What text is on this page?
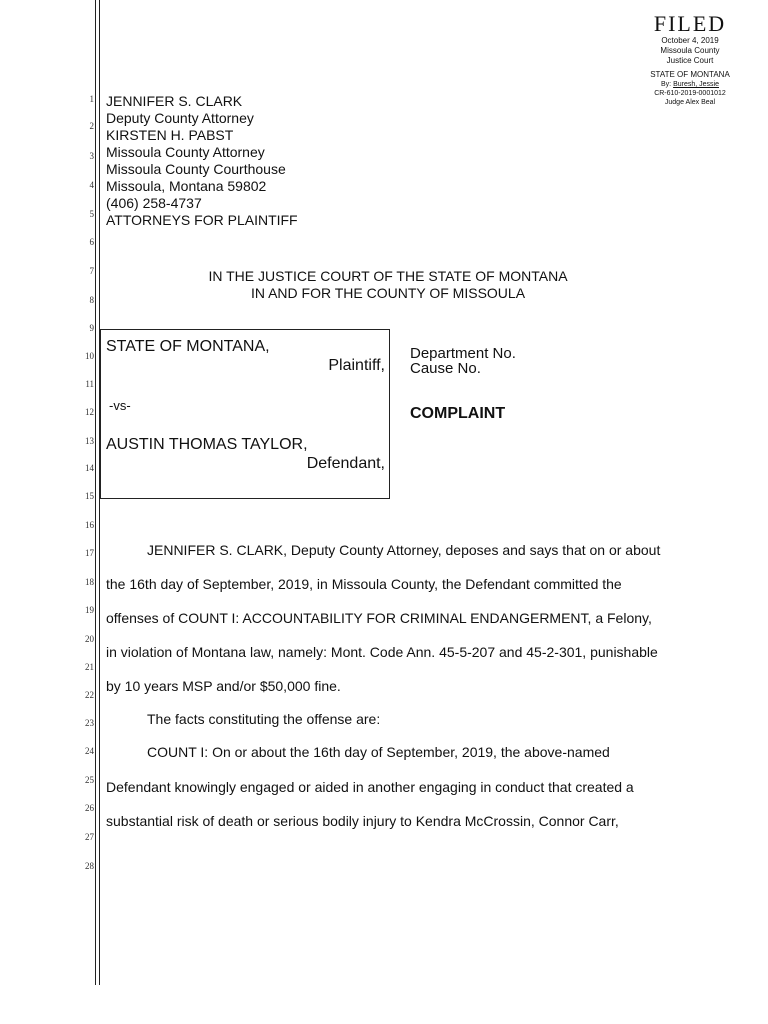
1
2
3
4
5
6
7
8
9
10
11
12
13
14
15
16
17
18
19
20
21
22
23
24
25
26
27
28
FILED
October 4, 2019
Missoula County
Justice Court
STATE OF MONTANA
By: Buresh, Jessie
CR-610-2019-0001012
Judge Alex Beal
JENNIFER S. CLARK
Deputy County Attorney
KIRSTEN H. PABST
Missoula County Attorney
Missoula County Courthouse
Missoula, Montana 59802
(406) 258-4737
ATTORNEYS FOR PLAINTIFF
IN THE JUSTICE COURT OF THE STATE OF MONTANA
IN AND FOR THE COUNTY OF MISSOULA
STATE OF MONTANA,
Plaintiff,
-vs-
AUSTIN THOMAS TAYLOR,
Defendant,
Department No.
Cause No.
COMPLAINT
JENNIFER S. CLARK, Deputy County Attorney, deposes and says that on or about
the 16th day of September, 2019, in Missoula County, the Defendant committed the
offenses of COUNT I: ACCOUNTABILITY FOR CRIMINAL ENDANGERMENT, a Felony,
in violation of Montana law, namely: Mont. Code Ann. 45-5-207 and 45-2-301, punishable
by 10 years MSP and/or $50,000 fine.
The facts constituting the offense are:
COUNT I: On or about the 16th day of September, 2019, the above-named
Defendant knowingly engaged or aided in another engaging in conduct that created a
substantial risk of death or serious bodily injury to Kendra McCrossin, Connor Carr,
